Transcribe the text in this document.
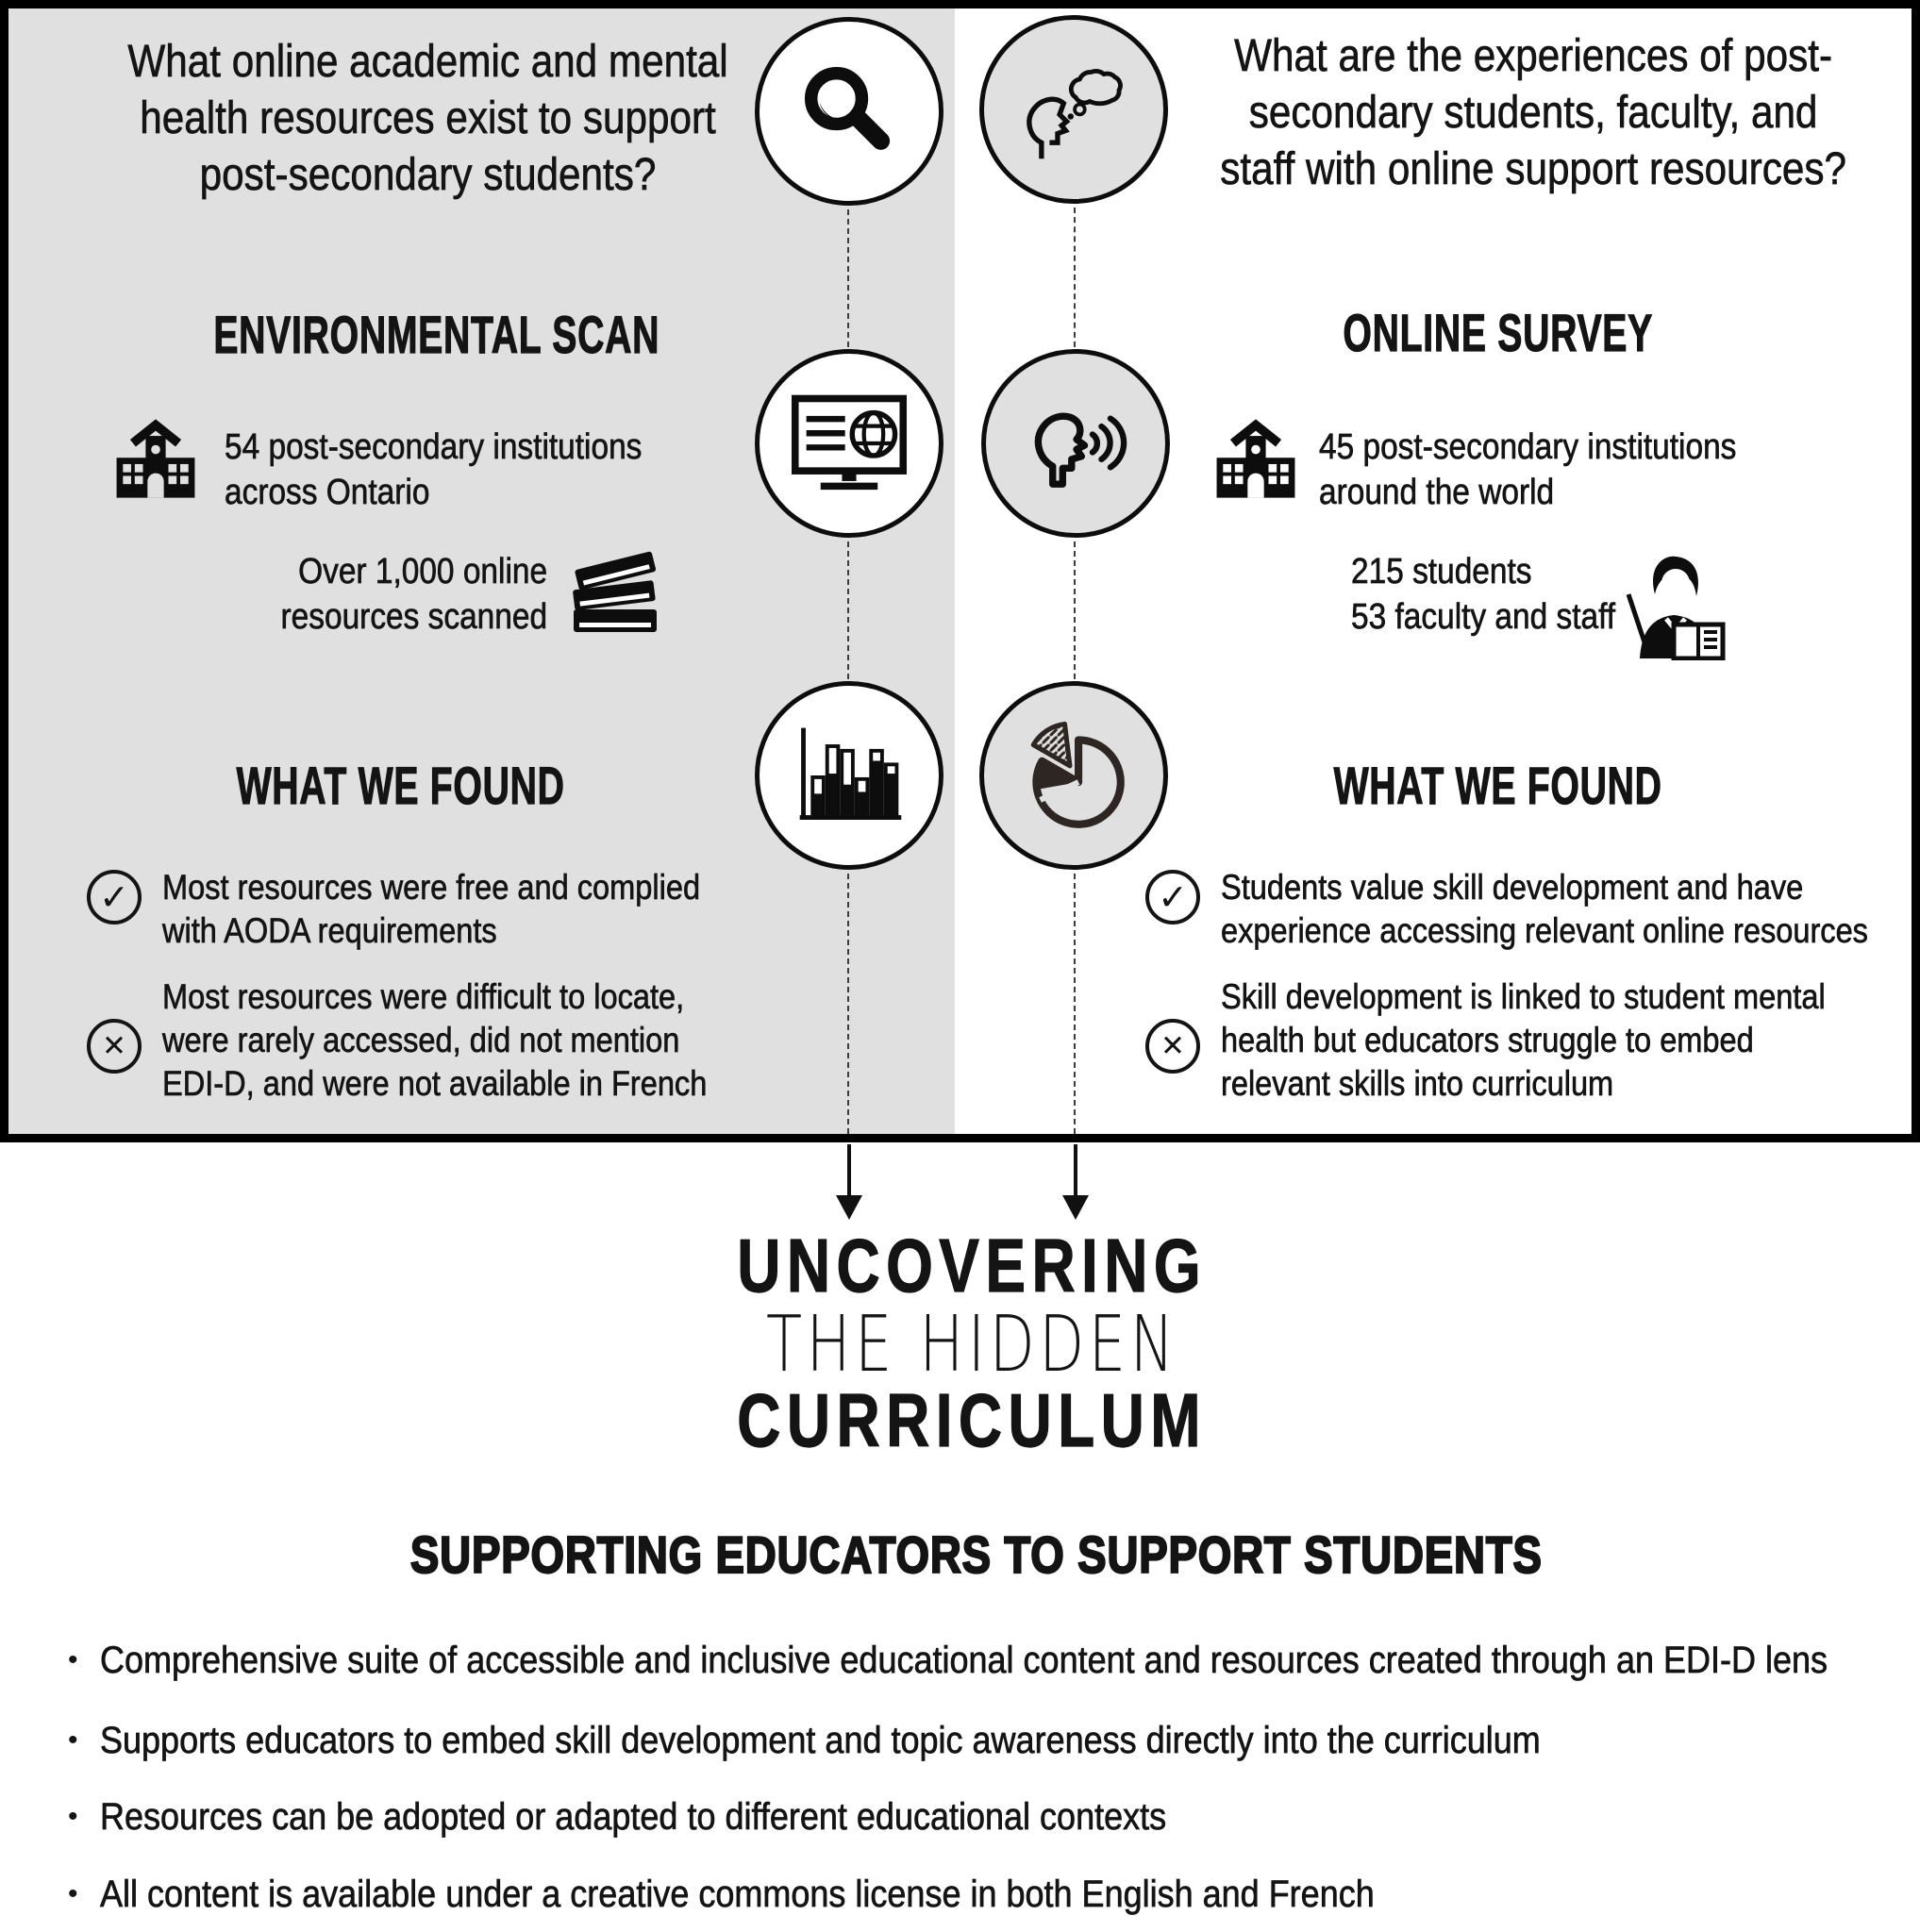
What online academic and mental
health resources exist to support
post-secondary students?
What are the experiences of post-
secondary students, faculty, and
staff with online support resources?
ENVIRONMENTAL SCAN	ONLINE SURVEY
54 post-secondary institutions
across Ontario
Over 1,000 online
resources scanned
45 post-secondary institutions
around the world
215 students
53 faculty and staff
WHAT WE FOUND	WHAT WE FOUND
✓ Most resources were free and complied
with AODA requirements
✕
Most resources were difficult to locate,
were rarely accessed, did not mention
EDI-D, and were not available in French
✓ Students value skill development and have
experience accessing relevant online resources
✕
Skill development is linked to student mental
health but educators struggle to embed
relevant skills into curriculum
UNCOVERING
THE HIDDEN
CURRICULUM
SUPPORTING EDUCATORS TO SUPPORT STUDENTS
• Comprehensive suite of accessible and inclusive educational content and resources created through an EDI-D lens
• Supports educators to embed skill development and topic awareness directly into the curriculum
• Resources can be adopted or adapted to different educational contexts
• All content is available under a creative commons license in both English and French
